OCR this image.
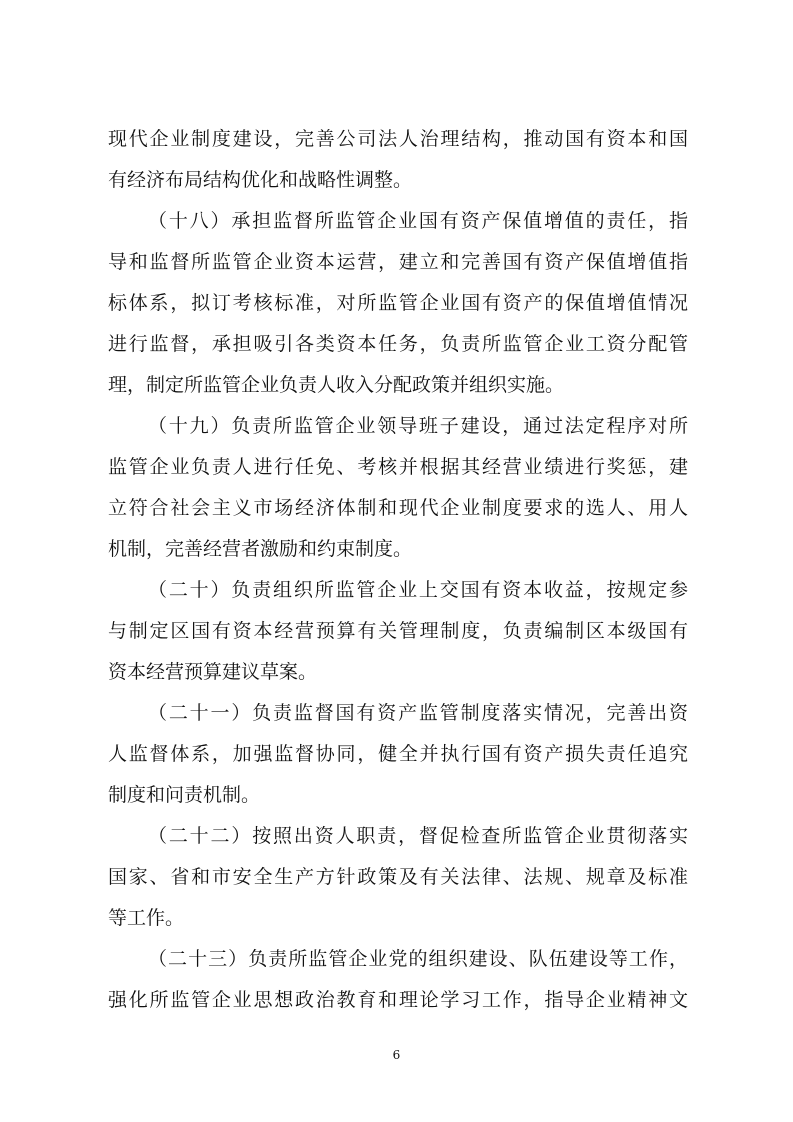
现代企业制度建设，完善公司法人治理结构，推动国有资本和国
有经济布局结构优化和战略性调整。
（十八）承担监督所监管企业国有资产保值增值的责任，指
导和监督所监管企业资本运营，建立和完善国有资产保值增值指
标体系，拟订考核标准，对所监管企业国有资产的保值增值情况
进行监督，承担吸引各类资本任务，负责所监管企业工资分配管
理，制定所监管企业负责人收入分配政策并组织实施。
（十九）负责所监管企业领导班子建设，通过法定程序对所
监管企业负责人进行任免、考核并根据其经营业绩进行奖惩，建
立符合社会主义市场经济体制和现代企业制度要求的选人、用人
机制，完善经营者激励和约束制度。
（二十）负责组织所监管企业上交国有资本收益，按规定参
与制定区国有资本经营预算有关管理制度，负责编制区本级国有
资本经营预算建议草案。
（二十一）负责监督国有资产监管制度落实情况，完善出资
人监督体系，加强监督协同，健全并执行国有资产损失责任追究
制度和问责机制。
（二十二）按照出资人职责，督促检查所监管企业贯彻落实
国家、省和市安全生产方针政策及有关法律、法规、规章及标准
等工作。
（二十三）负责所监管企业党的组织建设、队伍建设等工作，
强化所监管企业思想政治教育和理论学习工作，指导企业精神文
6
